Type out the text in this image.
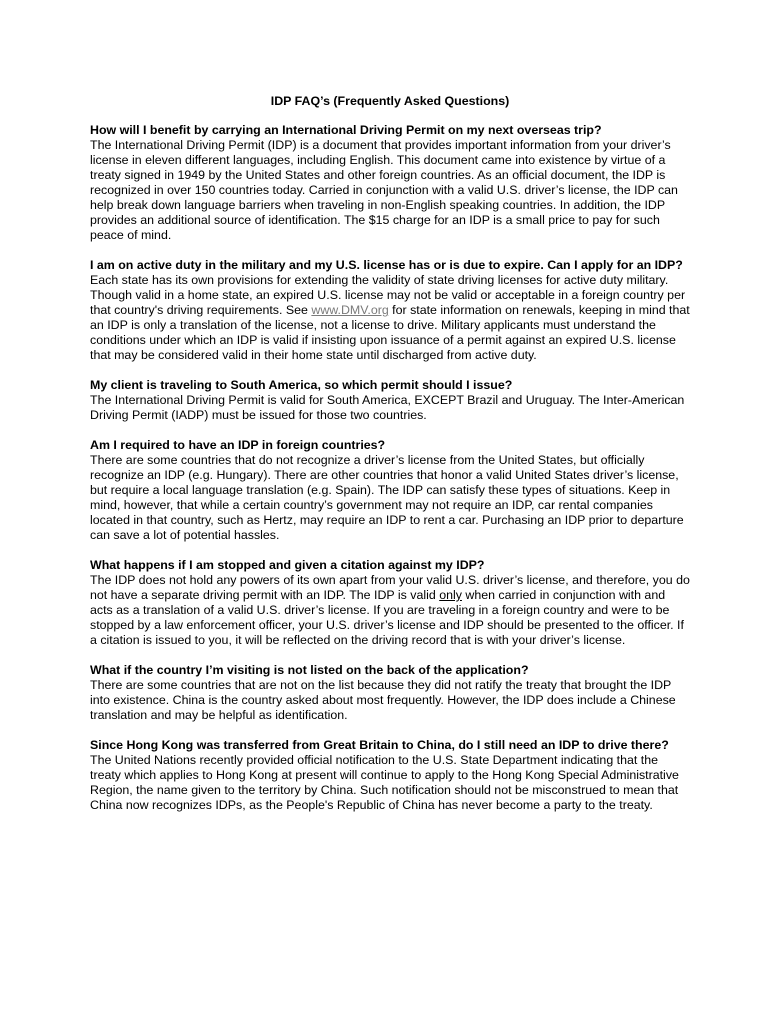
IDP FAQ’s (Frequently Asked Questions)
How will I benefit by carrying an International Driving Permit on my next overseas trip?
The International Driving Permit (IDP) is a document that provides important information from your driver’s license in eleven different languages, including English. This document came into existence by virtue of a treaty signed in 1949 by the United States and other foreign countries. As an official document, the IDP is recognized in over 150 countries today. Carried in conjunction with a valid U.S. driver’s license, the IDP can help break down language barriers when traveling in non-English speaking countries. In addition, the IDP provides an additional source of identification. The $15 charge for an IDP is a small price to pay for such peace of mind.
I am on active duty in the military and my U.S. license has or is due to expire. Can I apply for an IDP?
Each state has its own provisions for extending the validity of state driving licenses for active duty military. Though valid in a home state, an expired U.S. license may not be valid or acceptable in a foreign country per that country's driving requirements. See www.DMV.org for state information on renewals, keeping in mind that an IDP is only a translation of the license, not a license to drive. Military applicants must understand the conditions under which an IDP is valid if insisting upon issuance of a permit against an expired U.S. license that may be considered valid in their home state until discharged from active duty.
My client is traveling to South America, so which permit should I issue?
The International Driving Permit is valid for South America, EXCEPT Brazil and Uruguay. The Inter-American Driving Permit (IADP) must be issued for those two countries.
Am I required to have an IDP in foreign countries?
There are some countries that do not recognize a driver’s license from the United States, but officially recognize an IDP (e.g. Hungary). There are other countries that honor a valid United States driver’s license, but require a local language translation (e.g. Spain). The IDP can satisfy these types of situations. Keep in mind, however, that while a certain country’s government may not require an IDP, car rental companies located in that country, such as Hertz, may require an IDP to rent a car. Purchasing an IDP prior to departure can save a lot of potential hassles.
What happens if I am stopped and given a citation against my IDP?
The IDP does not hold any powers of its own apart from your valid U.S. driver’s license, and therefore, you do not have a separate driving permit with an IDP. The IDP is valid only when carried in conjunction with and acts as a translation of a valid U.S. driver’s license. If you are traveling in a foreign country and were to be stopped by a law enforcement officer, your U.S. driver’s license and IDP should be presented to the officer. If a citation is issued to you, it will be reflected on the driving record that is with your driver’s license.
What if the country I’m visiting is not listed on the back of the application?
There are some countries that are not on the list because they did not ratify the treaty that brought the IDP into existence. China is the country asked about most frequently. However, the IDP does include a Chinese translation and may be helpful as identification.
Since Hong Kong was transferred from Great Britain to China, do I still need an IDP to drive there?
The United Nations recently provided official notification to the U.S. State Department indicating that the treaty which applies to Hong Kong at present will continue to apply to the Hong Kong Special Administrative Region, the name given to the territory by China. Such notification should not be misconstrued to mean that China now recognizes IDPs, as the People's Republic of China has never become a party to the treaty.
